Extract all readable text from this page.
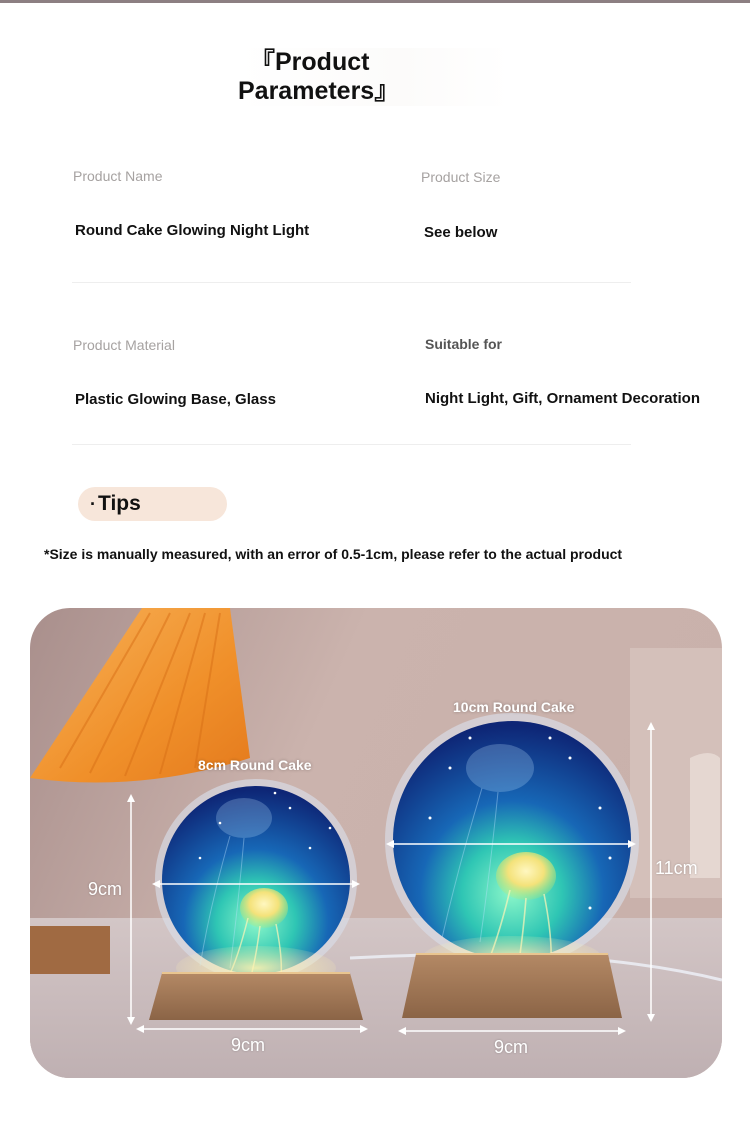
『Product
Parameters』
Product Name
Round Cake Glowing Night Light
Product Size
See below
Product Material
Plastic Glowing Base, Glass
Suitable for
Night Light, Gift, Ornament Decoration
· Tips
*Size is manually measured, with an error of 0.5-1cm, please refer to the actual product
8cm Round Cake
10cm Round Cake
9cm
9cm
11cm
9cm
